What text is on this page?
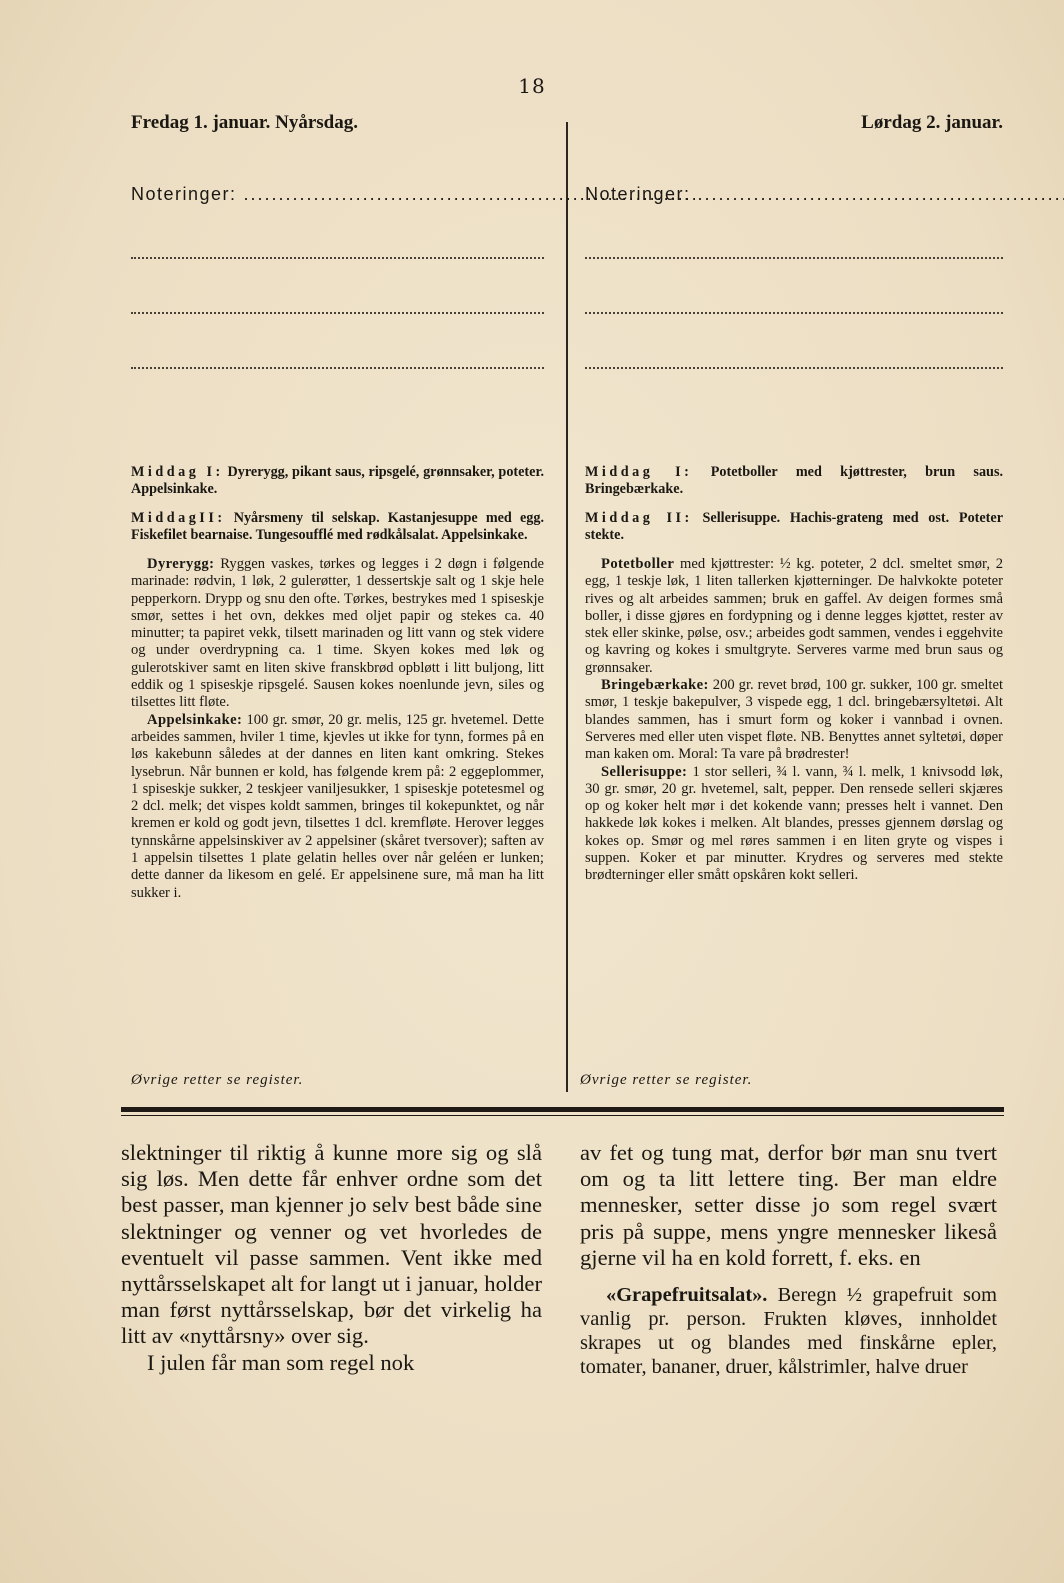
18
Fredag 1. januar. Nyårsdag.
Noteringer: .....
Middag I: Dyrerygg, pikant saus, ripsgelé, grønnsaker, poteter. Appelsinkake.
MiddagII: Nyårsmeny til selskap. Kastanjesuppe med egg. Fiskefilet bearnaise. Tungesoufflé med rødkålsalat. Appelsinkake.

Dyrerygg: Ryggen vaskes, tørkes og legges i 2 døgn i følgende marinade: rødvin, 1 løk, 2 gulerøtter, 1 dessertskje salt og 1 skje hele pepperkorn. Drypp og snu den ofte. Tørkes, bestrykes med 1 spiseskje smør, settes i het ovn, dekkes med oljet papir og stekes ca. 40 minutter; ta papiret vekk, tilsett marinaden og litt vann og stek videre og under overdrypning ca. 1 time. Skyen kokes med løk og gulerotskiver samt en liten skive franskbrød opbløtt i litt buljong, litt eddik og 1 spiseskje ripsgelé. Sausen kokes noenlunde jevn, siles og tilsettes litt fløte.

Appelsinkake: 100 gr. smør, 20 gr. melis, 125 gr. hvetemel. Dette arbeides sammen, hviler 1 time, kjevles ut ikke for tynn, formes på en løs kakebunn således at der dannes en liten kant omkring. Stekes lysebrun. Når bunnen er kold, has følgende krem på: 2 eggeplommer, 1 spiseskje sukker, 2 teskjeer vaniljesukker, 1 spiseskje potetesmel og 2 dcl. melk; det vispes koldt sammen, bringes til kokepunktet, og når kremen er kold og godt jevn, tilsettes 1 dcl. kremfløte. Herover legges tynnskårne appelsinskiver av 2 appelsiner (skåret tversover); saften av 1 appelsin tilsettes 1 plate gelatin helles over når geléen er lunken; dette danner da likesom en gelé. Er appelsinene sure, må man ha litt sukker i.

Øvrige retter se register.
Lørdag 2. januar.
Noteringer: .....
Middag I: Potetboller med kjøttrester, brun saus. Bringebærkake.
Middag II: Sellerisuppe. Hachis-grateng med ost. Poteter stekte.

Potetboller med kjøttrester: ½ kg. poteter, 2 dcl. smeltet smør, 2 egg, 1 teskje løk, 1 liten tallerken kjøtterninger. De halvkokte poteter rives og alt arbeides sammen; bruk en gaffel. Av deigen formes små boller, i disse gjøres en fordypning og i denne legges kjøttet, rester av stek eller skinke, pølse, osv.; arbeides godt sammen, vendes i eggehvite og kavring og kokes i smultgryte. Serveres varme med brun saus og grønnsaker.

Bringebærkake: 200 gr. revet brød, 100 gr. sukker, 100 gr. smeltet smør, 1 teskje bakepulver, 3 vispede egg, 1 dcl. bringebærsyltetøi. Alt blandes sammen, has i smurt form og koker i vannbad i ovnen. Serveres med eller uten vispet fløte. NB. Benyttes annet syltetøi, døper man kaken om. Moral: Ta vare på brødrester!

Sellerisuppe: 1 stor selleri, ¾ l. vann, ¾ l. melk, 1 knivsodd løk, 30 gr. smør, 20 gr. hvetemel, salt, pepper. Den rensede selleri skjæres op og koker helt mør i det kokende vann; presses helt i vannet. Den hakkede løk kokes i melken. Alt blandes, presses gjennem dørslag og kokes op. Smør og mel røres sammen i en liten gryte og vispes i suppen. Koker et par minutter. Krydres og serveres med stekte brødterninger eller smått opskåren kokt selleri.

Øvrige retter se register.

slektninger til riktig å kunne more sig og slå sig løs. Men dette får enhver ordne som det best passer, man kjenner jo selv best både sine slektninger og venner og vet hvorledes de eventuelt vil passe sammen. Vent ikke med nyttårsselskapet alt for langt ut i januar, holder man først nyttårsselskap, bør det virkelig ha litt av «nyttårsny» over sig.

I julen får man som regel nok

av fet og tung mat, derfor bør man snu tvert om og ta litt lettere ting. Ber man eldre mennesker, setter disse jo som regel svært pris på suppe, mens yngre mennesker likeså gjerne vil ha en kold forrett, f. eks. en

«Grapefruitsalat». Beregn ½ grapefruit som vanlig pr. person. Frukten kløves, innholdet skrapes ut og blandes med finskårne epler, tomater, bananer, druer, kålstrimler, halve druer
